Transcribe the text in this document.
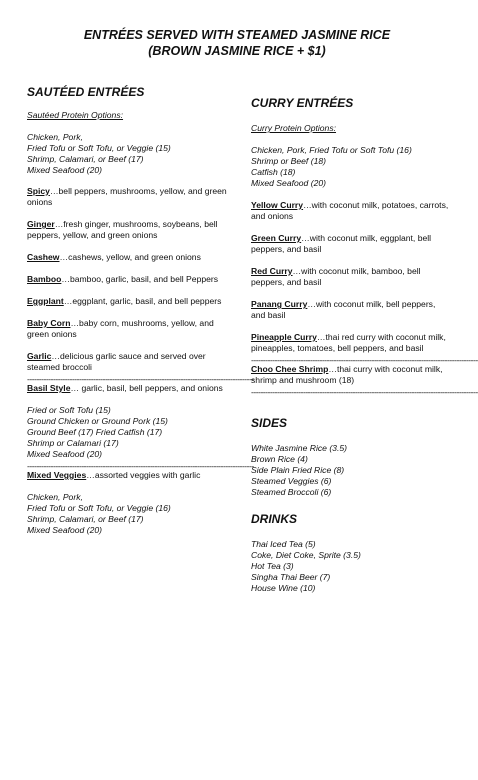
ENTRÉES SERVED WITH STEAMED JASMINE RICE
(BROWN JASMINE RICE + $1)
SAUTÉED ENTRÉES
Sautéed Protein Options:
Chicken, Pork,
Fried Tofu or Soft Tofu, or Veggie (15)
Shrimp, Calamari, or Beef (17)
Mixed Seafood (20)
Spicy…bell peppers, mushrooms, yellow, and green onions
Ginger…fresh ginger, mushrooms, soybeans, bell peppers, yellow, and green onions
Cashew…cashews, yellow, and green onions
Bamboo…bamboo, garlic, basil, and bell Peppers
Eggplant…eggplant, garlic, basil, and bell peppers
Baby Corn…baby corn, mushrooms, yellow, and green onions
Garlic…delicious garlic sauce and served over steamed broccoli
------------------------------------------------------------------------------------------------
Basil Style… garlic, basil, bell peppers, and onions
Fried or Soft Tofu (15)
Ground Chicken or Ground Pork (15)
Ground Beef (17) Fried Catfish (17)
Shrimp or Calamari (17)
Mixed Seafood (20)
------------------------------------------------------------------------------------------------
Mixed Veggies…assorted veggies with garlic
Chicken, Pork,
Fried Tofu or Soft Tofu, or Veggie (16)
Shrimp, Calamari, or Beef (17)
Mixed Seafood (20)
CURRY ENTRÉES
Curry Protein Options:
Chicken, Pork, Fried Tofu or Soft Tofu (16)
Shrimp or Beef (18)
Catfish (18)
Mixed Seafood (20)
Yellow Curry…with coconut milk, potatoes, carrots, and onions
Green Curry…with coconut milk, eggplant, bell peppers, and basil
Red Curry…with coconut milk, bamboo, bell peppers, and basil
Panang Curry…with coconut milk, bell peppers, and basil
Pineapple Curry…thai red curry with coconut milk, pineapples, tomatoes, bell peppers, and basil
------------------------------------------------------------------------------------------------
Choo Chee Shrimp…thai curry with coconut milk, shrimp and mushroom (18)
------------------------------------------------------------------------------------------------
SIDES
White Jasmine Rice (3.5)
Brown Rice (4)
Side Plain Fried Rice (8)
Steamed Veggies (6)
Steamed Broccoli (6)
DRINKS
Thai Iced Tea (5)
Coke, Diet Coke, Sprite (3.5)
Hot Tea (3)
Singha Thai Beer (7)
House Wine (10)
